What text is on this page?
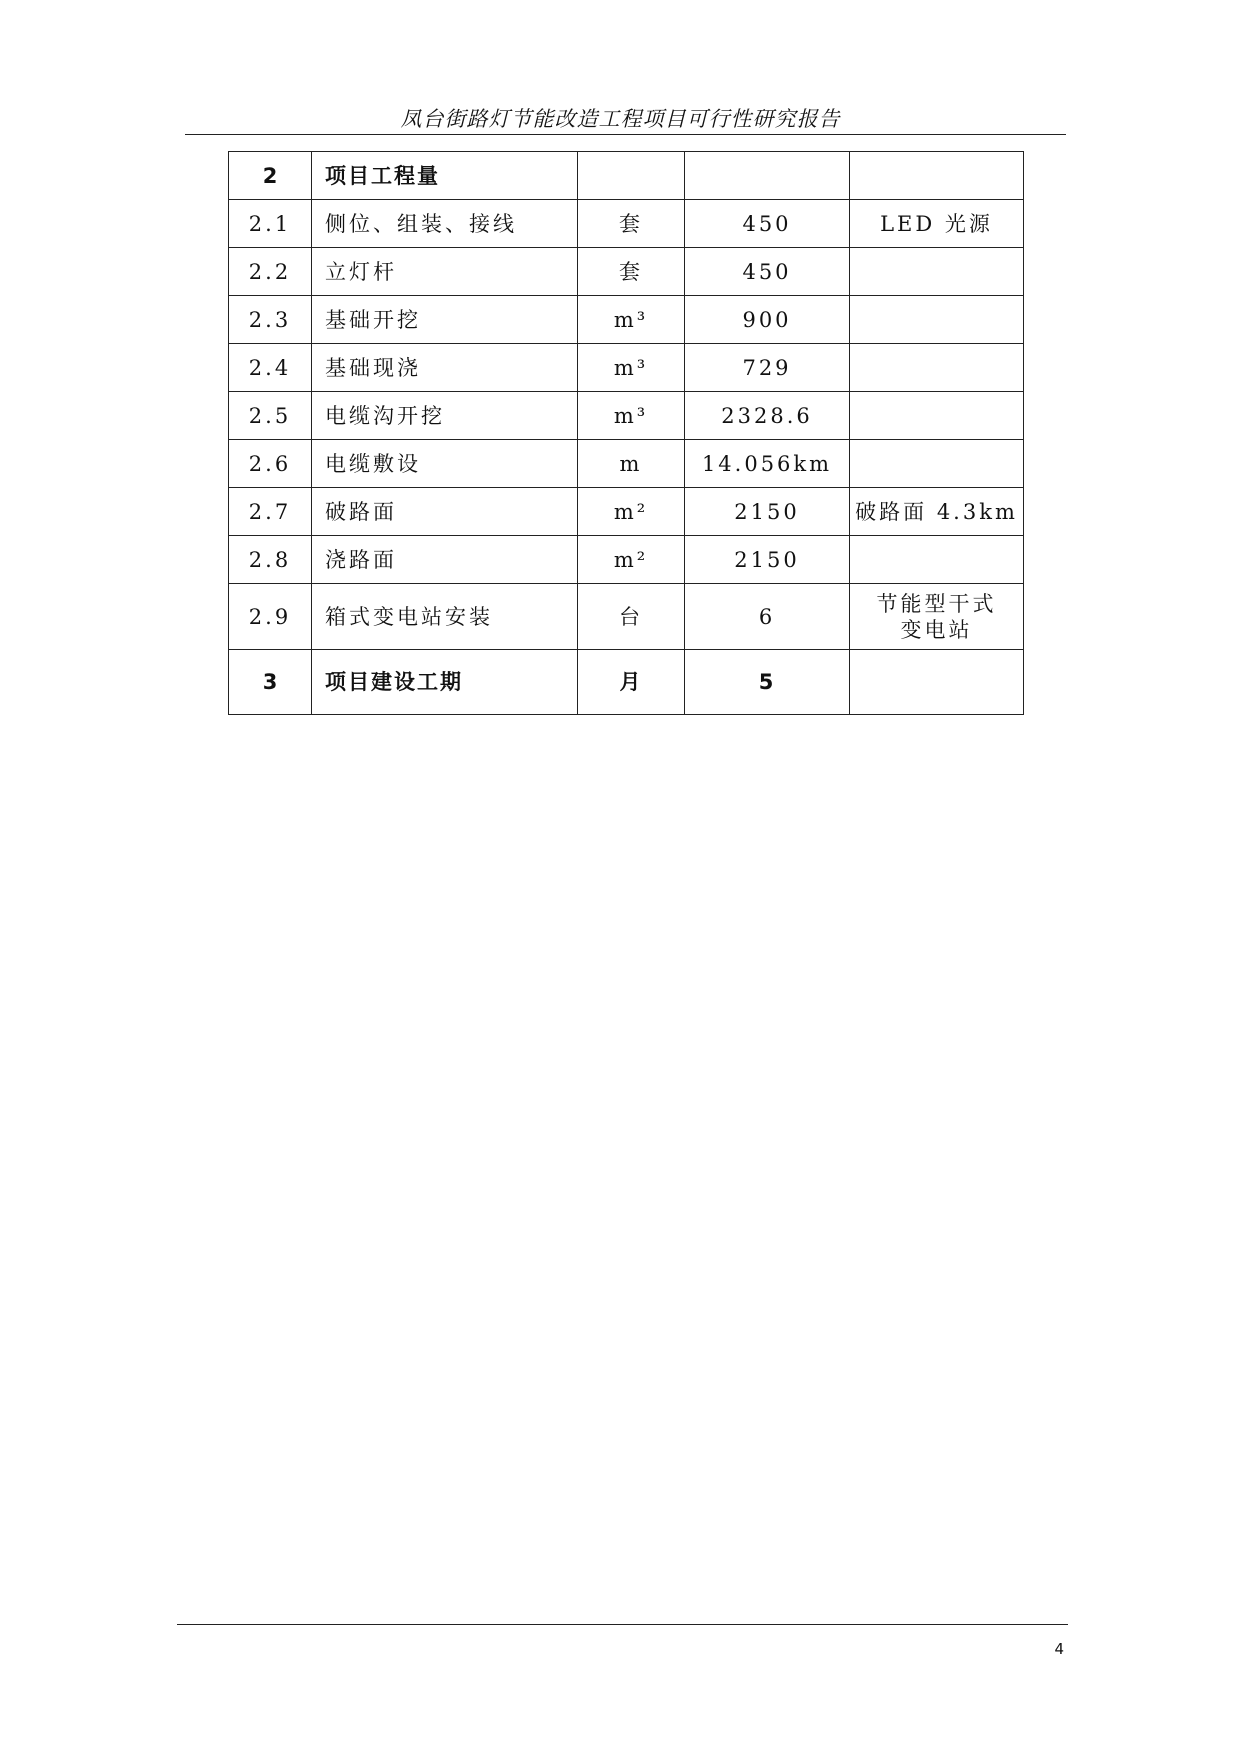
凤台街路灯节能改造工程项目可行性研究报告
2	项目工程量			
2.1	侧位、组装、接线	套	450	LED 光源
2.2	立灯杆	套	450	
2.3	基础开挖	m³	900	
2.4	基础现浇	m³	729	
2.5	电缆沟开挖	m³	2328.6	
2.6	电缆敷设	m	14.056km	
2.7	破路面	m²	2150	破路面 4.3km
2.8	浇路面	m²	2150	
2.9	箱式变电站安装	台	6	节能型干式
变电站
3	项目建设工期	月	5	
4
